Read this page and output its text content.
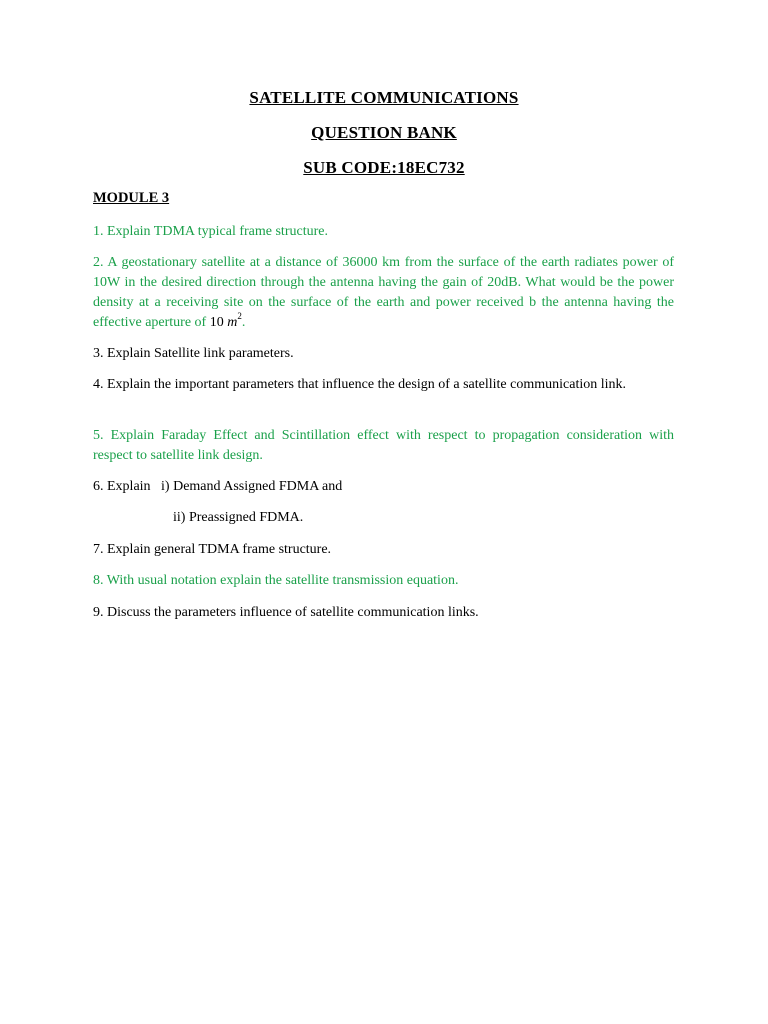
SATELLITE COMMUNICATIONS
QUESTION BANK
SUB CODE:18EC732
MODULE 3
1. Explain TDMA typical frame structure.
2. A geostationary satellite at a distance of 36000 km from the surface of the earth radiates power of 10W in the desired direction through the antenna having the gain of 20dB. What would be the power density at a receiving site on the surface of the earth and power received b the antenna having the effective aperture of 10 $m^2$.
3. Explain Satellite link parameters.
4. Explain the important parameters that influence the design of a satellite communication link.
5. Explain Faraday Effect and Scintillation effect with respect to propagation consideration with respect to satellite link design.
6. Explain   i) Demand Assigned FDMA and
ii) Preassigned FDMA.
7. Explain general TDMA frame structure.
8. With usual notation explain the satellite transmission equation.
9. Discuss the parameters influence of satellite communication links.
